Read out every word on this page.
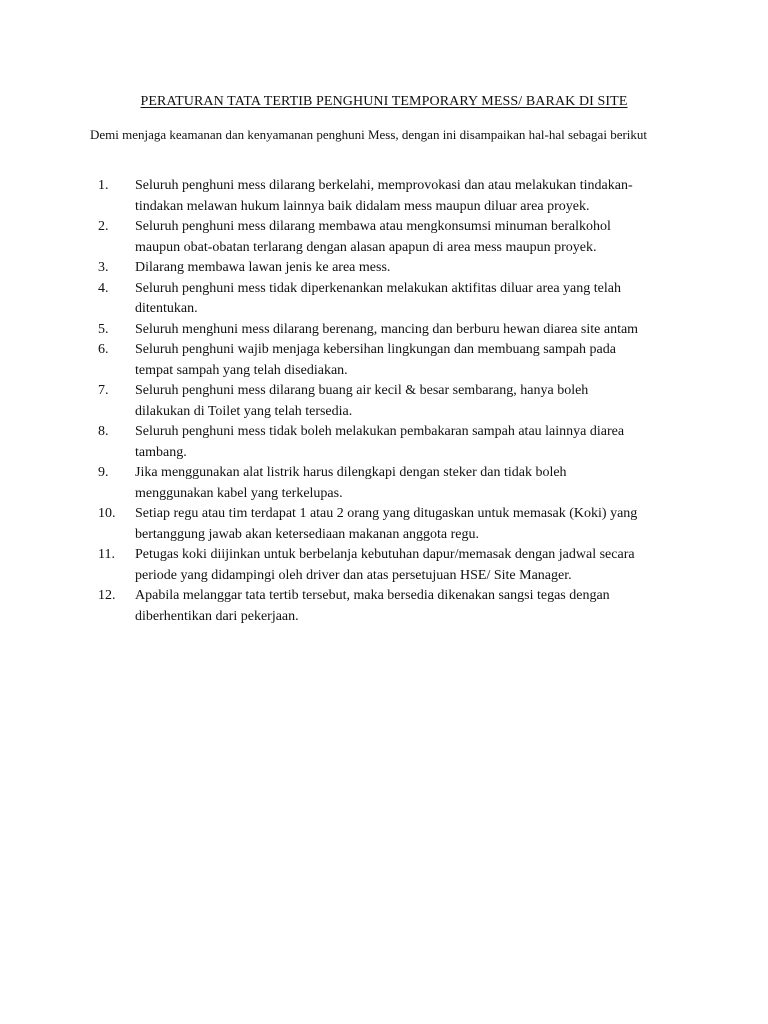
PERATURAN TATA TERTIB PENGHUNI TEMPORARY MESS/ BARAK DI SITE

Demi menjaga keamanan dan kenyamanan penghuni Mess, dengan ini disampaikan hal-hal sebagai berikut

1.	Seluruh penghuni mess dilarang berkelahi, memprovokasi dan atau melakukan tindakan-
tindakan melawan hukum lainnya baik didalam mess maupun diluar area proyek.
2.	Seluruh penghuni mess dilarang membawa atau mengkonsumsi minuman beralkohol
maupun obat-obatan terlarang dengan alasan apapun di area mess maupun proyek.
3.	Dilarang membawa lawan jenis ke area mess.
4.	Seluruh penghuni mess tidak diperkenankan melakukan aktifitas diluar area yang telah
ditentukan.
5.	Seluruh menghuni mess dilarang berenang, mancing dan berburu hewan diarea site antam
6.	Seluruh penghuni wajib menjaga kebersihan lingkungan dan membuang sampah pada
tempat sampah yang telah disediakan.
7.	Seluruh penghuni mess dilarang buang air kecil & besar sembarang, hanya boleh
dilakukan di Toilet yang telah tersedia.
8.	Seluruh penghuni mess tidak boleh melakukan pembakaran sampah atau lainnya diarea
tambang.
9.	Jika menggunakan alat listrik harus dilengkapi dengan steker dan tidak boleh
menggunakan kabel yang terkelupas.
10.	Setiap regu atau tim terdapat 1 atau 2 orang yang ditugaskan untuk memasak (Koki) yang
bertanggung jawab akan ketersediaan makanan anggota regu.
11.	Petugas koki diijinkan untuk berbelanja kebutuhan dapur/memasak dengan jadwal secara
periode yang didampingi oleh driver dan atas persetujuan HSE/ Site Manager.
12.	Apabila melanggar tata tertib tersebut, maka bersedia dikenakan sangsi tegas dengan
diberhentikan dari pekerjaan.
